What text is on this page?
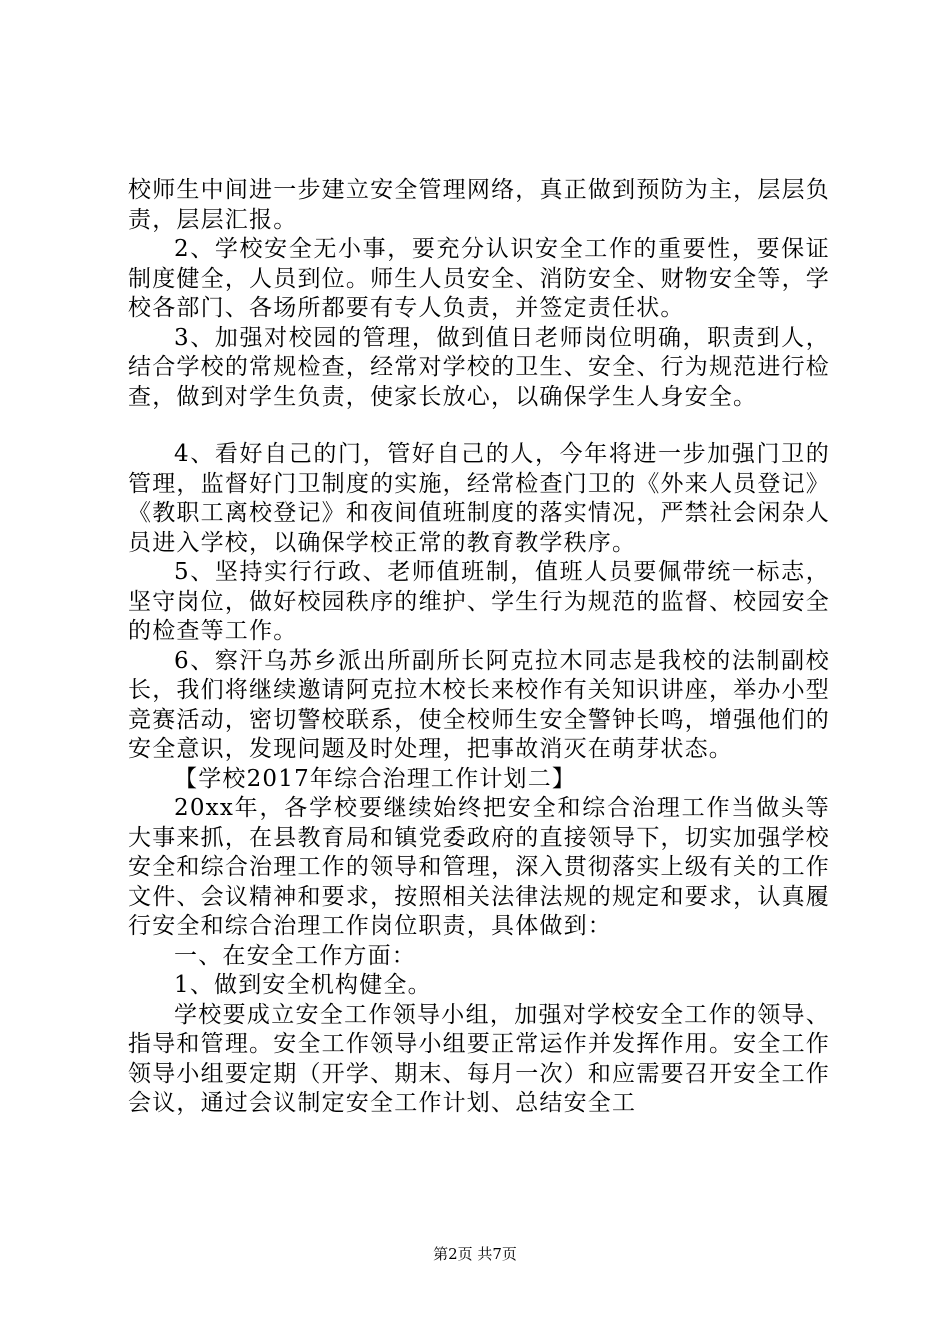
校师生中间进一步建立安全管理网络，真正做到预防为主，层层负责，层层汇报。

2、学校安全无小事，要充分认识安全工作的重要性，要保证制度健全，人员到位。师生人员安全、消防安全、财物安全等，学校各部门、各场所都要有专人负责，并签定责任状。

3、加强对校园的管理，做到值日老师岗位明确，职责到人，结合学校的常规检查，经常对学校的卫生、安全、行为规范进行检查，做到对学生负责，使家长放心，以确保学生人身安全。

4、看好自己的门，管好自己的人，今年将进一步加强门卫的管理，监督好门卫制度的实施，经常检查门卫的《外来人员登记》《教职工离校登记》和夜间值班制度的落实情况，严禁社会闲杂人员进入学校，以确保学校正常的教育教学秩序。

5、坚持实行行政、老师值班制，值班人员要佩带统一标志，坚守岗位，做好校园秩序的维护、学生行为规范的监督、校园安全的检查等工作。

6、察汗乌苏乡派出所副所长阿克拉木同志是我校的法制副校长，我们将继续邀请阿克拉木校长来校作有关知识讲座，举办小型竞赛活动，密切警校联系，使全校师生安全警钟长鸣，增强他们的安全意识，发现问题及时处理，把事故消灭在萌芽状态。

【学校2017年综合治理工作计划二】

20xx年，各学校要继续始终把安全和综合治理工作当做头等大事来抓，在县教育局和镇党委政府的直接领导下，切实加强学校安全和综合治理工作的领导和管理，深入贯彻落实上级有关的工作文件、会议精神和要求，按照相关法律法规的规定和要求，认真履行安全和综合治理工作岗位职责，具体做到：

一、在安全工作方面：

1、做到安全机构健全。

学校要成立安全工作领导小组，加强对学校安全工作的领导、指导和管理。安全工作领导小组要正常运作并发挥作用。安全工作领导小组要定期（开学、期末、每月一次）和应需要召开安全工作会议，通过会议制定安全工作计划、总结安全工

第2页 共7页
